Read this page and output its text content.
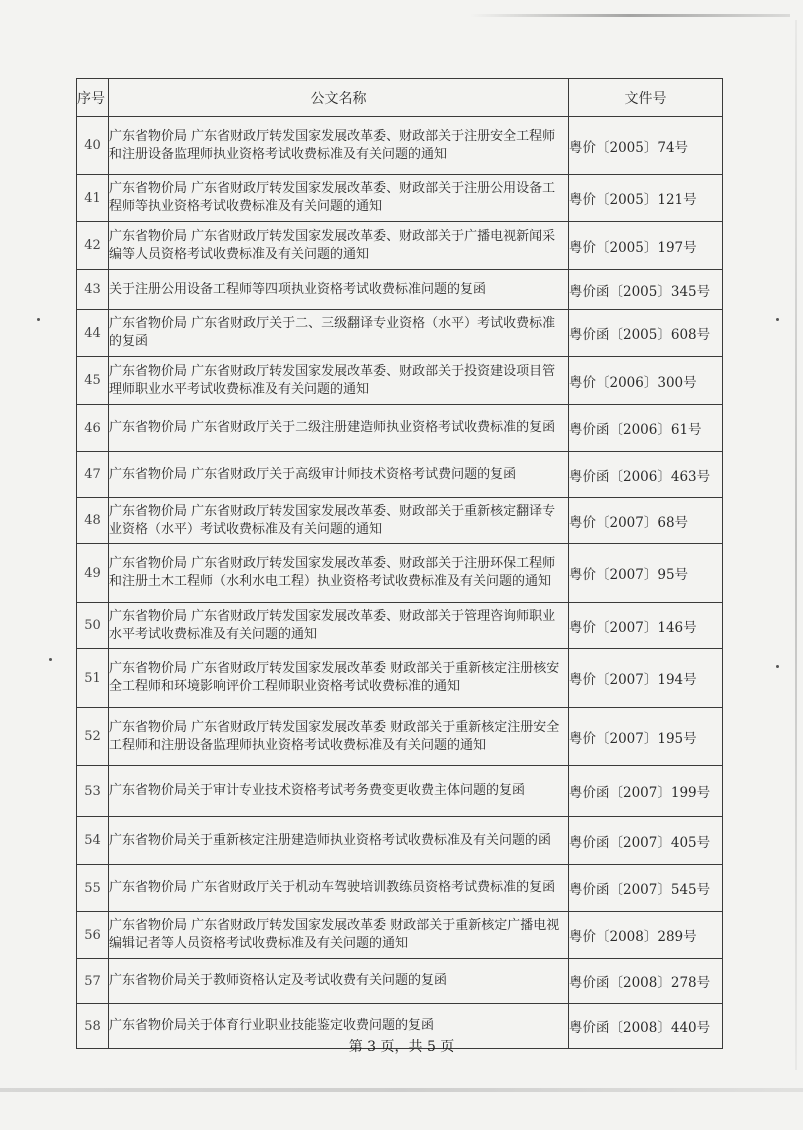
序号	公文名称	文件号
40	广东省物价局 广东省财政厅转发国家发展改革委、财政部关于注册安全工程师和注册设备监理师执业资格考试收费标准及有关问题的通知	粤价〔2005〕74号
41	广东省物价局 广东省财政厅转发国家发展改革委、财政部关于注册公用设备工程师等执业资格考试收费标准及有关问题的通知	粤价〔2005〕121号
42	广东省物价局 广东省财政厅转发国家发展改革委、财政部关于广播电视新闻采编等人员资格考试收费标准及有关问题的通知	粤价〔2005〕197号
43	关于注册公用设备工程师等四项执业资格考试收费标准问题的复函	粤价函〔2005〕345号
44	广东省物价局 广东省财政厅关于二、三级翻译专业资格（水平）考试收费标准的复函	粤价函〔2005〕608号
45	广东省物价局 广东省财政厅转发国家发展改革委、财政部关于投资建设项目管理师职业水平考试收费标准及有关问题的通知	粤价〔2006〕300号
46	广东省物价局 广东省财政厅关于二级注册建造师执业资格考试收费标准的复函	粤价函〔2006〕61号
47	广东省物价局 广东省财政厅关于高级审计师技术资格考试费问题的复函	粤价函〔2006〕463号
48	广东省物价局 广东省财政厅转发国家发展改革委、财政部关于重新核定翻译专业资格（水平）考试收费标准及有关问题的通知	粤价〔2007〕68号
49	广东省物价局 广东省财政厅转发国家发展改革委、财政部关于注册环保工程师和注册土木工程师（水利水电工程）执业资格考试收费标准及有关问题的通知	粤价〔2007〕95号
50	广东省物价局 广东省财政厅转发国家发展改革委、财政部关于管理咨询师职业水平考试收费标准及有关问题的通知	粤价〔2007〕146号
51	广东省物价局 广东省财政厅转发国家发展改革委 财政部关于重新核定注册核安全工程师和环境影响评价工程师职业资格考试收费标准的通知	粤价〔2007〕194号
52	广东省物价局 广东省财政厅转发国家发展改革委 财政部关于重新核定注册安全工程师和注册设备监理师执业资格考试收费标准及有关问题的通知	粤价〔2007〕195号
53	广东省物价局关于审计专业技术资格考试考务费变更收费主体问题的复函	粤价函〔2007〕199号
54	广东省物价局关于重新核定注册建造师执业资格考试收费标准及有关问题的函	粤价函〔2007〕405号
55	广东省物价局 广东省财政厅关于机动车驾驶培训教练员资格考试费标准的复函	粤价函〔2007〕545号
56	广东省物价局 广东省财政厅转发国家发展改革委 财政部关于重新核定广播电视编辑记者等人员资格考试收费标准及有关问题的通知	粤价〔2008〕289号
57	广东省物价局关于教师资格认定及考试收费有关问题的复函	粤价函〔2008〕278号
58	广东省物价局关于体育行业职业技能鉴定收费问题的复函	粤价函〔2008〕440号
第 3 页，共 5 页
